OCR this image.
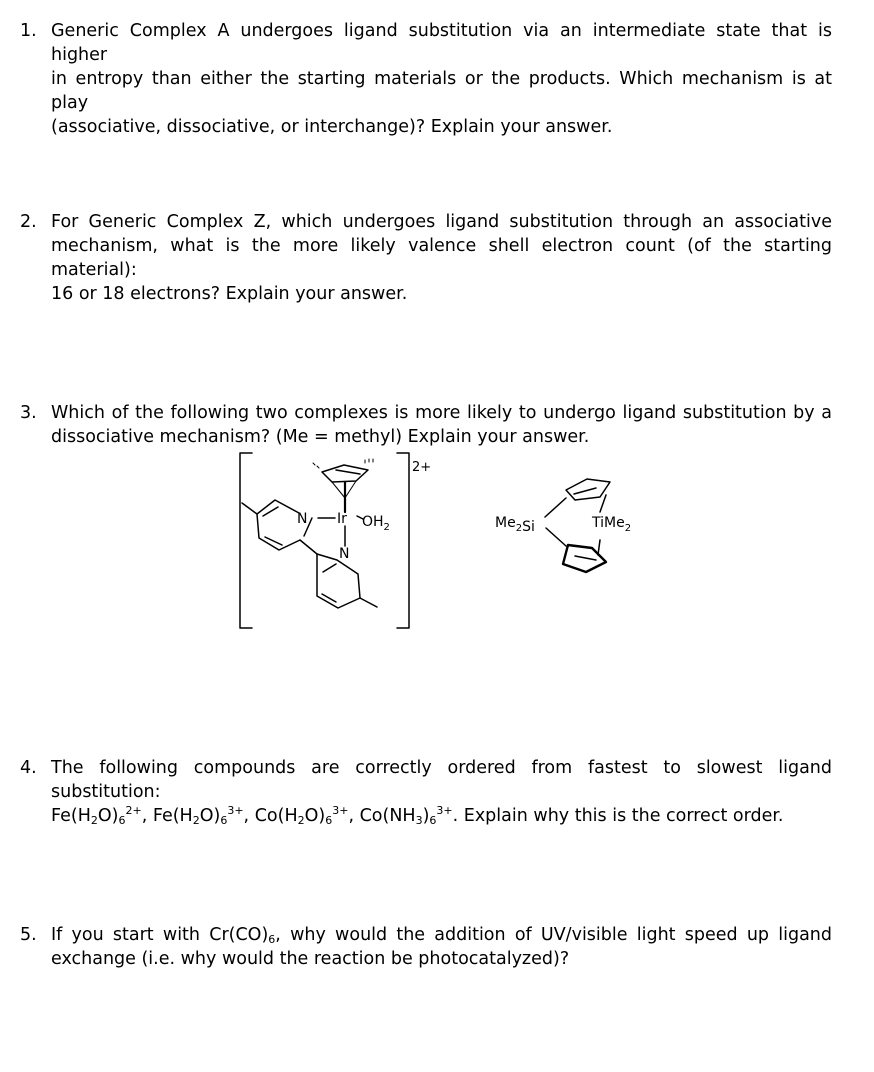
1. Generic Complex A undergoes ligand substitution via an intermediate state that is higher
in entropy than either the starting materials or the products. Which mechanism is at play
(associative, dissociative, or interchange)? Explain your answer.
2. For Generic Complex Z, which undergoes ligand substitution through an associative
mechanism, what is the more likely valence shell electron count (of the starting material):
16 or 18 electrons? Explain your answer.
3. Which of the following two complexes is more likely to undergo ligand substitution by a
dissociative mechanism? (Me = methyl) Explain your answer.
2+
N Ir $OH_2$
N
$Me_2Si$	TiMe$_2$
4. The following compounds are correctly ordered from fastest to slowest ligand substitution:
$Fe(H_2O)_6^{2+}$, $Fe(H_2O)_6^{3+}$, $Co(H_2O)_6^{3+}$, $Co(NH_3)_6^{3+}$. Explain why this is the correct order.
5. If you start with $Cr(CO)_6$, why would the addition of UV/visible light speed up ligand
exchange (i.e. why would the reaction be photocatalyzed)?
